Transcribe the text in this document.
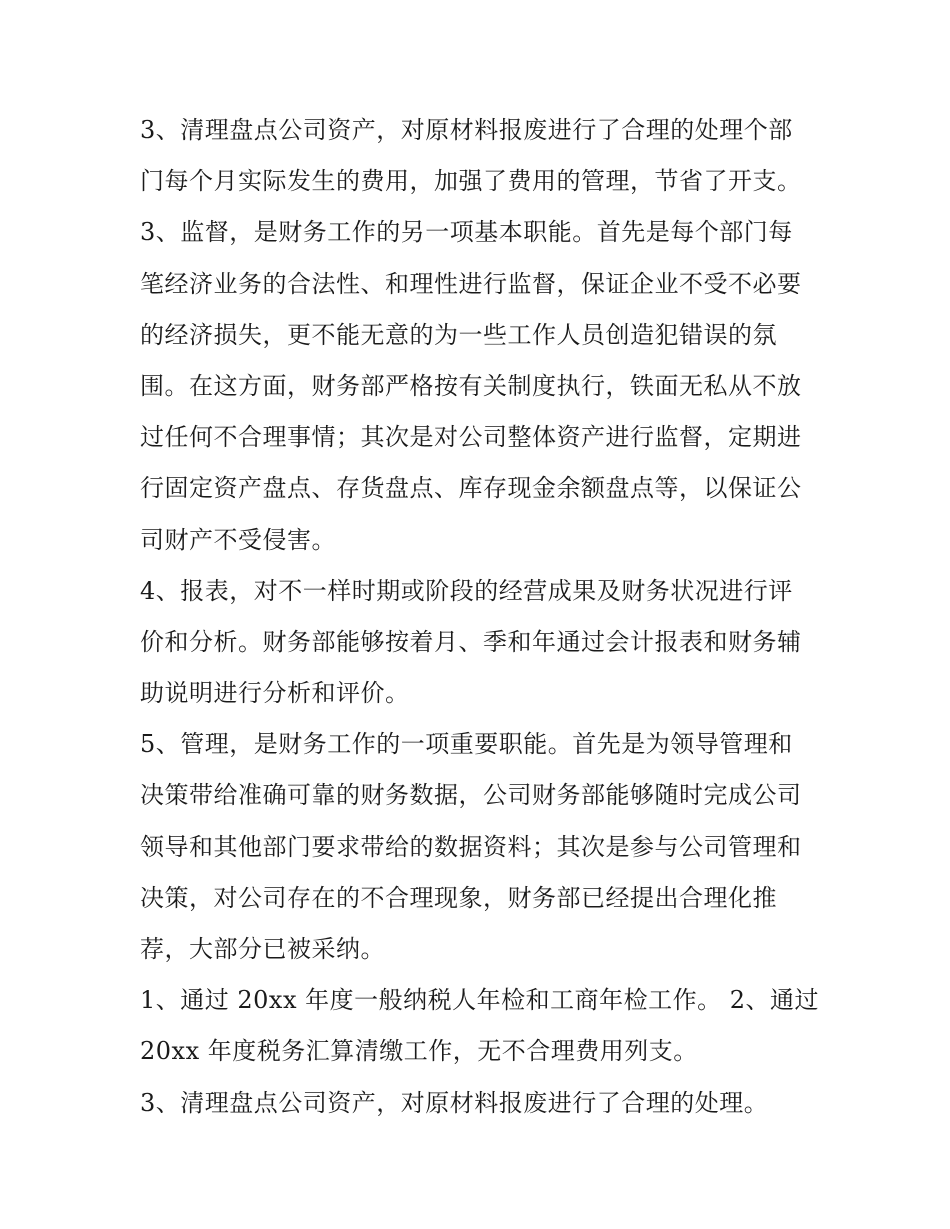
3、清理盘点公司资产，对原材料报废进行了合理的处理个部
门每个月实际发生的费用，加强了费用的管理，节省了开支。
3、监督，是财务工作的另一项基本职能。首先是每个部门每
笔经济业务的合法性、和理性进行监督，保证企业不受不必要
的经济损失，更不能无意的为一些工作人员创造犯错误的氛
围。在这方面，财务部严格按有关制度执行，铁面无私从不放
过任何不合理事情；其次是对公司整体资产进行监督，定期进
行固定资产盘点、存货盘点、库存现金余额盘点等，以保证公
司财产不受侵害。
4、报表，对不一样时期或阶段的经营成果及财务状况进行评
价和分析。财务部能够按着月、季和年通过会计报表和财务辅
助说明进行分析和评价。
5、管理，是财务工作的一项重要职能。首先是为领导管理和
决策带给准确可靠的财务数据，公司财务部能够随时完成公司
领导和其他部门要求带给的数据资料；其次是参与公司管理和
决策，对公司存在的不合理现象，财务部已经提出合理化推
荐，大部分已被采纳。
1、通过 20xx 年度一般纳税人年检和工商年检工作。 2、通过
20xx 年度税务汇算清缴工作，无不合理费用列支。
3、清理盘点公司资产，对原材料报废进行了合理的处理。
